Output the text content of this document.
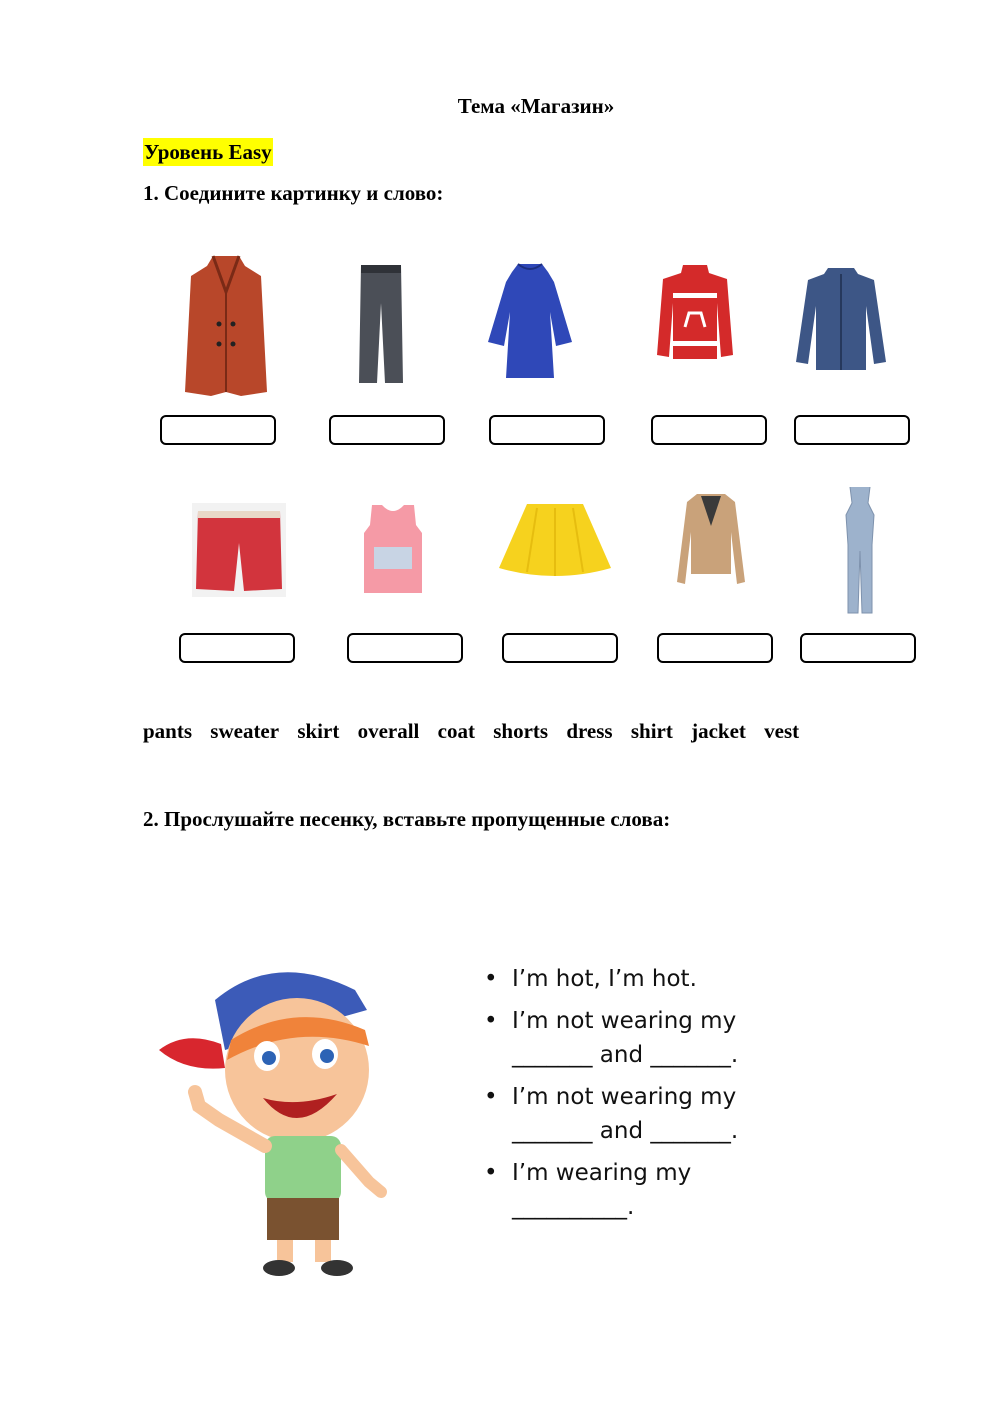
Тема «Магазин»
Уровень Easy
1. Соедините картинку и слово:
pants sweater skirt overall coat shorts dress shirt jacket vest
2. Прослушайте песенку, вставьте пропущенные слова:
• I’m hot, I’m hot.
• I’m not wearing my
_______ and _______.
• I’m not wearing my
_______ and _______.
• I’m wearing my
__________.
